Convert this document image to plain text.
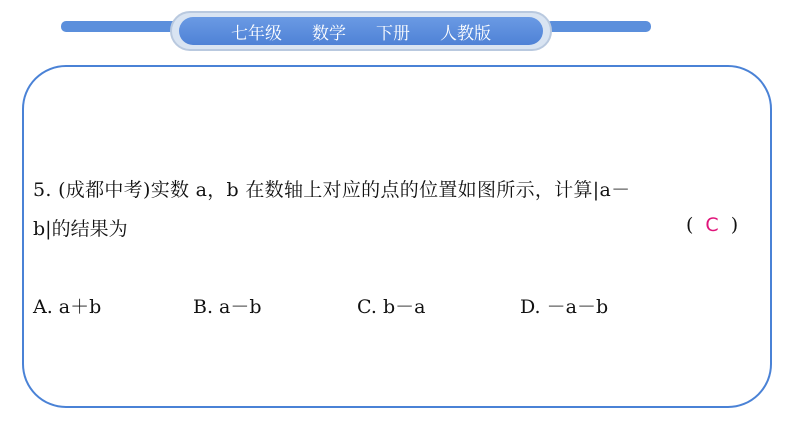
七年级 数学 下册 人教版
5. (成都中考)实数 a，b 在数轴上对应的点的位置如图所示，计算|a－
b|的结果为	( C )
A. a＋b	B. a－b	C. b－a	D. －a－b
